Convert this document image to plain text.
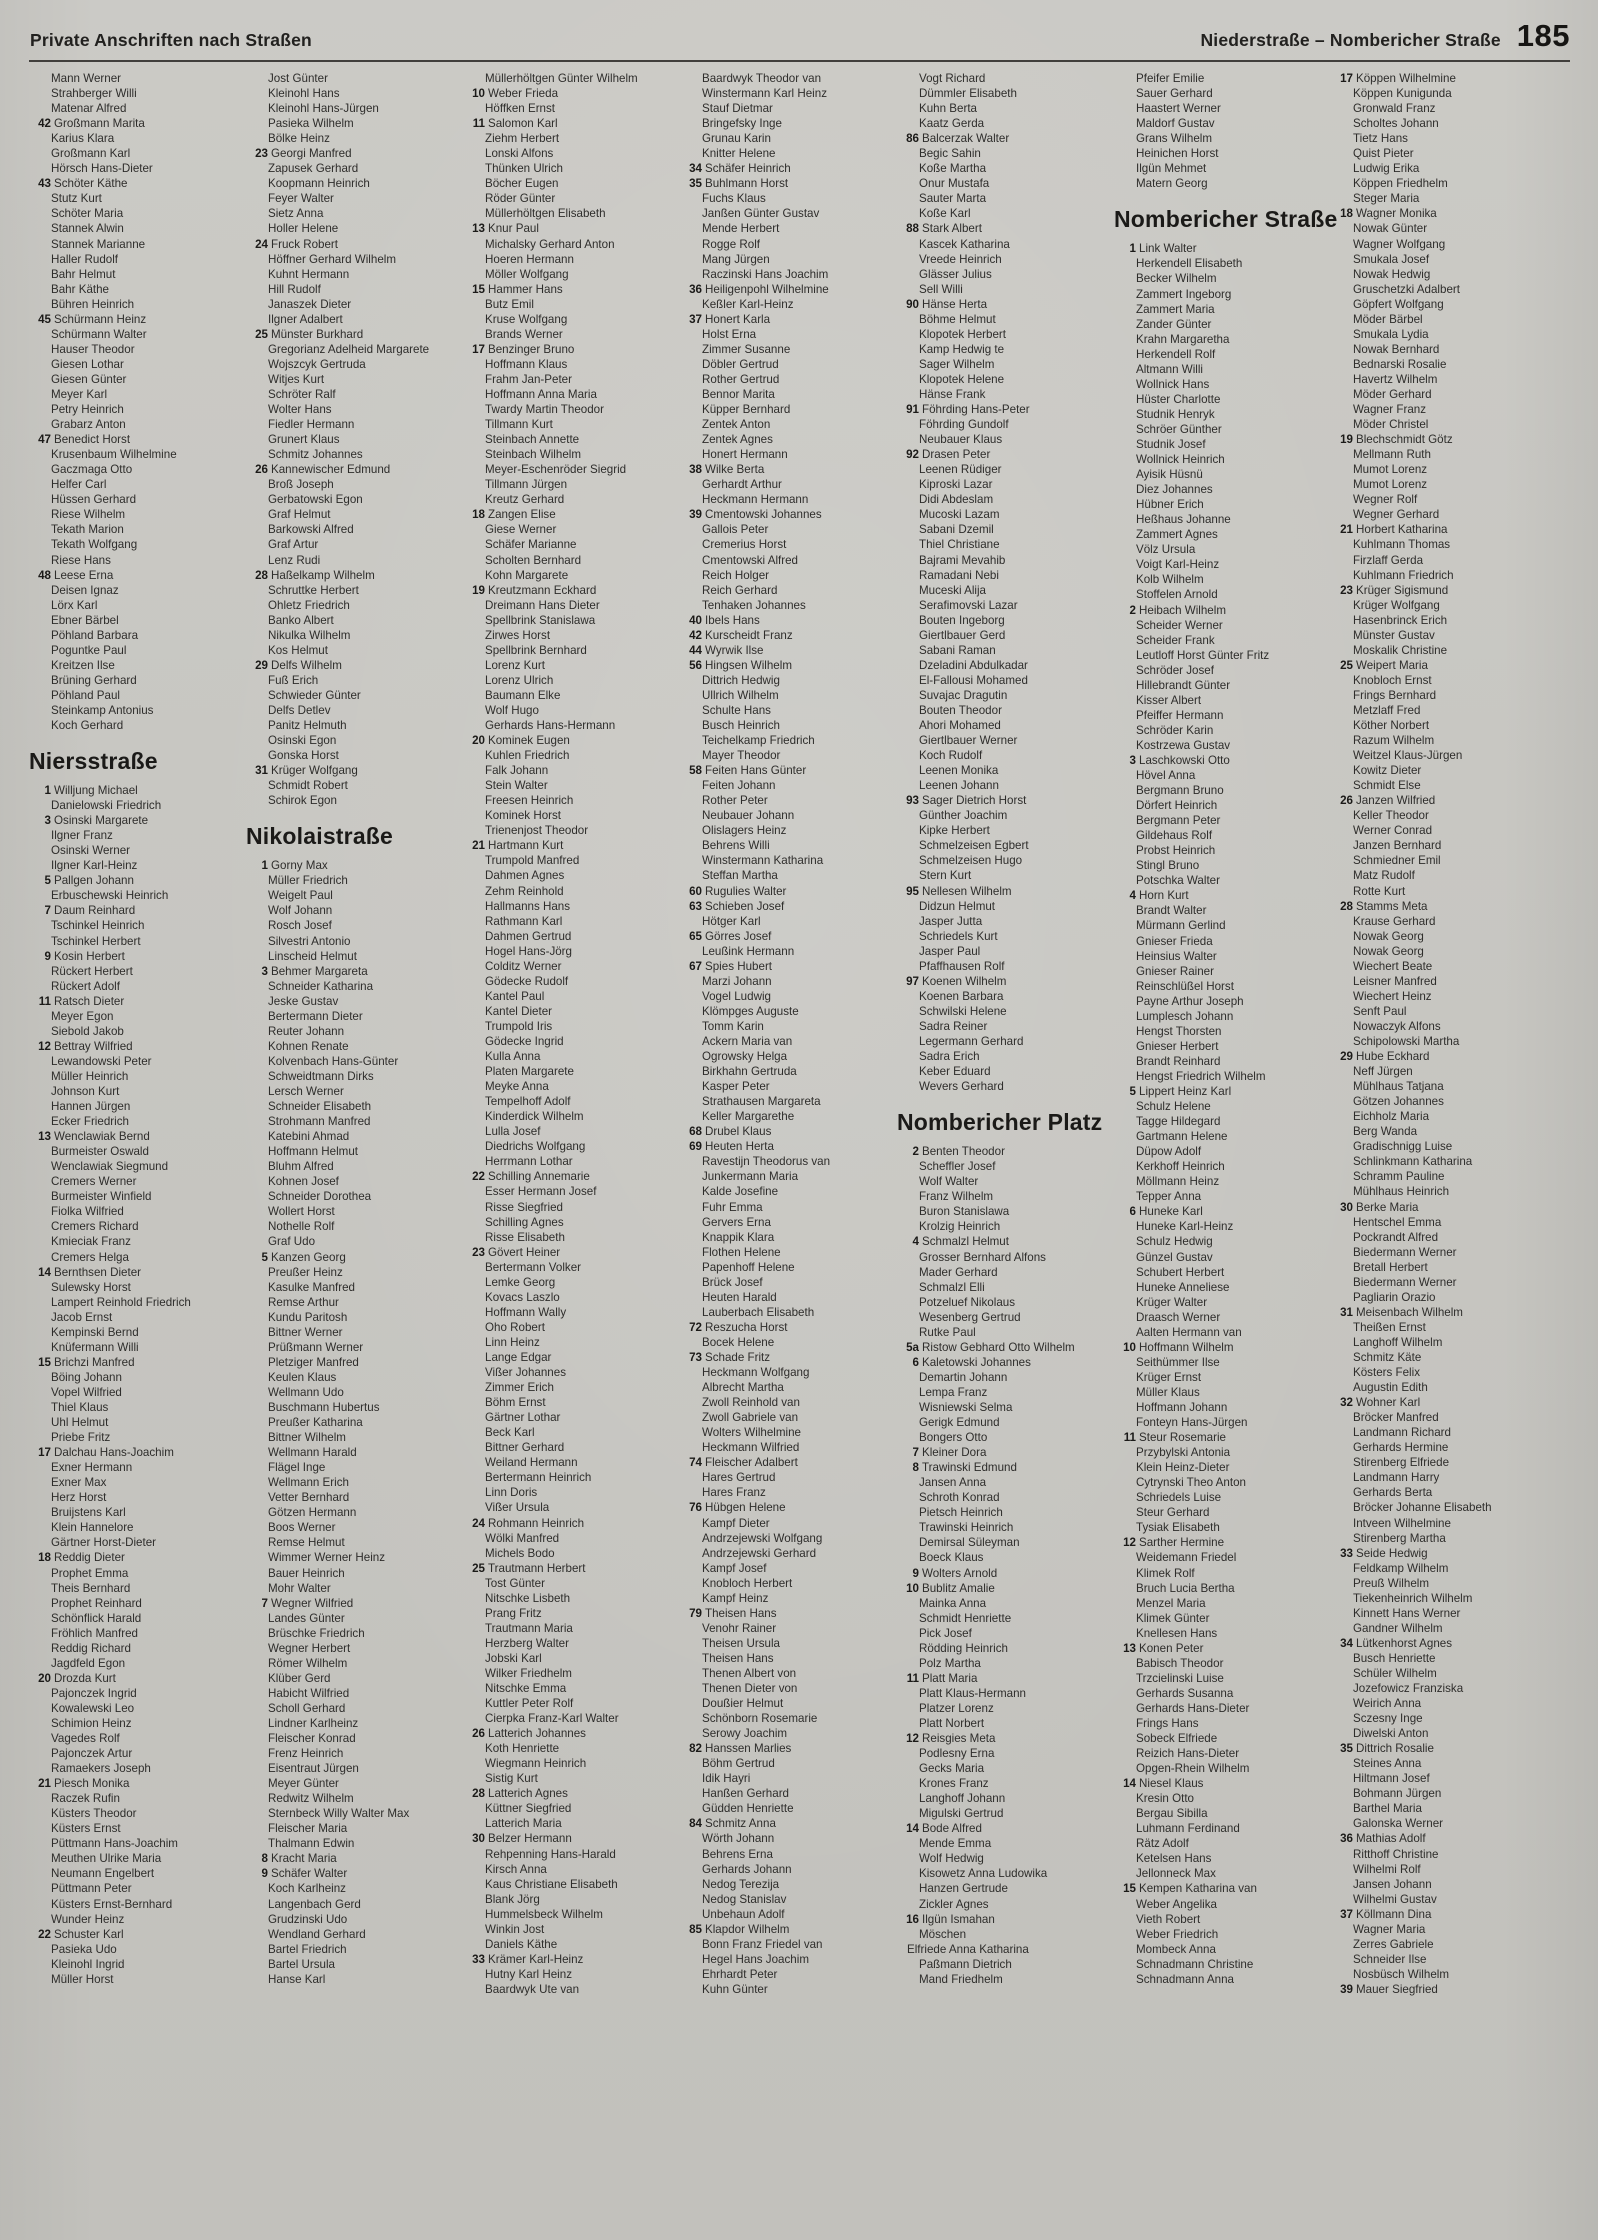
Private Anschriften nach Straßen	Niederstraße – Nombericher Straße 185
Mann Werner
Strahberger Willi
Matenar Alfred
42 Großmann Marita
Karius Klara
Großmann Karl
Hörsch Hans-Dieter
43 Schöter Käthe
Stutz Kurt
Schöter Maria
Stannek Alwin
Stannek Marianne
Haller Rudolf
Bahr Helmut
Bahr Käthe
Bühren Heinrich
45 Schürmann Heinz
Schürmann Walter
Hauser Theodor
Giesen Lothar
Giesen Günter
Meyer Karl
Petry Heinrich
Grabarz Anton
47 Benedict Horst
Krusenbaum Wilhelmine
Gaczmaga Otto
Helfer Carl
Hüssen Gerhard
Riese Wilhelm
Tekath Marion
Tekath Wolfgang
Riese Hans
48 Leese Erna
Deisen Ignaz
Lörx Karl
Ebner Bärbel
Pöhland Barbara
Poguntke Paul
Kreitzen Ilse
Brüning Gerhard
Pöhland Paul
Steinkamp Antonius
Koch Gerhard
Niersstraße
1 Willjung Michael
Danielowski Friedrich
3 Osinski Margarete
Ilgner Franz
Osinski Werner
Ilgner Karl-Heinz
5 Pallgen Johann
Erbuschewski Heinrich
7 Daum Reinhard
Tschinkel Heinrich
Tschinkel Herbert
9 Kosin Herbert
Rückert Herbert
Rückert Adolf
11 Ratsch Dieter
Meyer Egon
Siebold Jakob
12 Bettray Wilfried
Lewandowski Peter
Müller Heinrich
Johnson Kurt
Hannen Jürgen
Ecker Friedrich
13 Wenclawiak Bernd
Burmeister Oswald
Wenclawiak Siegmund
Cremers Werner
Burmeister Winfield
Fiolka Wilfried
Cremers Richard
Kmieciak Franz
Cremers Helga
14 Bernthsen Dieter
Sulewsky Horst
Lampert Reinhold Friedrich
Jacob Ernst
Kempinski Bernd
Knüfermann Willi
15 Brichzi Manfred
Böing Johann
Vopel Wilfried
Thiel Klaus
Uhl Helmut
Priebe Fritz
17 Dalchau Hans-Joachim
Exner Hermann
Exner Max
Herz Horst
Bruijstens Karl
Klein Hannelore
Gärtner Horst-Dieter
18 Reddig Dieter
Prophet Emma
Theis Bernhard
Prophet Reinhard
Schönflick Harald
Fröhlich Manfred
Reddig Richard
Jagdfeld Egon
20 Drozda Kurt
Pajonczek Ingrid
Kowalewski Leo
Schimion Heinz
Vagedes Rolf
Pajonczek Artur
Ramaekers Joseph
21 Piesch Monika
Raczek Rufin
Küsters Theodor
Küsters Ernst
Püttmann Hans-Joachim
Meuthen Ulrike Maria
Neumann Engelbert
Püttmann Peter
Küsters Ernst-Bernhard
Wunder Heinz
22 Schuster Karl
Pasieka Udo
Kleinohl Ingrid
Müller Horst
Jost Günter
Kleinohl Hans
Kleinohl Hans-Jürgen
Pasieka Wilhelm
Bölke Heinz
23 Georgi Manfred
Zapusek Gerhard
Koopmann Heinrich
Feyer Walter
Sietz Anna
Holler Helene
24 Fruck Robert
Höffner Gerhard Wilhelm
Kuhnt Hermann
Hill Rudolf
Janaszek Dieter
Ilgner Adalbert
25 Münster Burkhard
Gregorianz Adelheid Margarete
Wojszcyk Gertruda
Witjes Kurt
Schröter Ralf
Wolter Hans
Fiedler Hermann
Grunert Klaus
Schmitz Johannes
26 Kannewischer Edmund
Broß Joseph
Gerbatowski Egon
Graf Helmut
Barkowski Alfred
Graf Artur
Lenz Rudi
28 Haßelkamp Wilhelm
Schruttke Herbert
Ohletz Friedrich
Banko Albert
Nikulka Wilhelm
Kos Helmut
29 Delfs Wilhelm
Fuß Erich
Schwieder Günter
Delfs Detlev
Panitz Helmuth
Osinski Egon
Gonska Horst
31 Krüger Wolfgang
Schmidt Robert
Schirok Egon
Nikolaistraße
1 Gorny Max
Müller Friedrich
Weigelt Paul
Wolf Johann
Rosch Josef
Silvestri Antonio
Linscheid Helmut
3 Behmer Margareta
Schneider Katharina
Jeske Gustav
Bertermann Dieter
Reuter Johann
Kohnen Renate
Kolvenbach Hans-Günter
Schweidtmann Dirks
Lersch Werner
Schneider Elisabeth
Strohmann Manfred
Katebini Ahmad
Hoffmann Helmut
Bluhm Alfred
Kohnen Josef
Schneider Dorothea
Wollert Horst
Nothelle Rolf
Graf Udo
5 Kanzen Georg
Preußer Heinz
Kasulke Manfred
Remse Arthur
Kundu Paritosh
Bittner Werner
Prüßmann Werner
Pletziger Manfred
Keulen Klaus
Wellmann Udo
Buschmann Hubertus
Preußer Katharina
Bittner Wilhelm
Wellmann Harald
Flägel Inge
Wellmann Erich
Vetter Bernhard
Götzen Hermann
Boos Werner
Remse Helmut
Wimmer Werner Heinz
Bauer Heinrich
Mohr Walter
7 Wegner Wilfried
Landes Günter
Brüschke Friedrich
Wegner Herbert
Römer Wilhelm
Klüber Gerd
Habicht Wilfried
Scholl Gerhard
Lindner Karlheinz
Fleischer Konrad
Frenz Heinrich
Eisentraut Jürgen
Meyer Günter
Redwitz Wilhelm
Sternbeck Willy Walter Max
Fleischer Maria
Thalmann Edwin
8 Kracht Maria
9 Schäfer Walter
Koch Karlheinz
Langenbach Gerd
Grudzinski Udo
Wendland Gerhard
Bartel Friedrich
Bartel Ursula
Hanse Karl
Müllerhöltgen Günter Wilhelm
10 Weber Frieda
Höffken Ernst
11 Salomon Karl
Ziehm Herbert
Lonski Alfons
Thünken Ulrich
Böcher Eugen
Röder Günter
Müllerhöltgen Elisabeth
13 Knur Paul
Michalsky Gerhard Anton
Hoeren Hermann
Möller Wolfgang
15 Hammer Hans
Butz Emil
Kruse Wolfgang
Brands Werner
17 Benzinger Bruno
Hoffmann Klaus
Frahm Jan-Peter
Hoffmann Anna Maria
Twardy Martin Theodor
Tillmann Kurt
Steinbach Annette
Steinbach Wilhelm
Meyer-Eschenröder Siegrid
Tillmann Jürgen
Kreutz Gerhard
18 Zangen Elise
Giese Werner
Schäfer Marianne
Scholten Bernhard
Kohn Margarete
19 Kreutzmann Eckhard
Dreimann Hans Dieter
Spellbrink Stanislawa
Zirwes Horst
Spellbrink Bernhard
Lorenz Kurt
Lorenz Ulrich
Baumann Elke
Wolf Hugo
Gerhards Hans-Hermann
20 Kominek Eugen
Kuhlen Friedrich
Falk Johann
Stein Walter
Freesen Heinrich
Kominek Horst
Trienenjost Theodor
21 Hartmann Kurt
Trumpold Manfred
Dahmen Agnes
Zehm Reinhold
Hallmanns Hans
Rathmann Karl
Dahmen Gertrud
Hogel Hans-Jörg
Colditz Werner
Gödecke Rudolf
Kantel Paul
Kantel Dieter
Trumpold Iris
Gödecke Ingrid
Kulla Anna
Platen Margarete
Meyke Anna
Tempelhoff Adolf
Kinderdick Wilhelm
Lulla Josef
Diedrichs Wolfgang
Herrmann Lothar
22 Schilling Annemarie
Esser Hermann Josef
Risse Siegfried
Schilling Agnes
Risse Elisabeth
23 Gövert Heiner
Bertermann Volker
Lemke Georg
Kovacs Laszlo
Hoffmann Wally
Oho Robert
Linn Heinz
Lange Edgar
Vißer Johannes
Zimmer Erich
Böhm Ernst
Gärtner Lothar
Beck Karl
Bittner Gerhard
Weiland Hermann
Bertermann Heinrich
Linn Doris
Vißer Ursula
24 Rohmann Heinrich
Wölki Manfred
Michels Bodo
25 Trautmann Herbert
Tost Günter
Nitschke Lisbeth
Prang Fritz
Trautmann Maria
Herzberg Walter
Jobski Karl
Wilker Friedhelm
Nitschke Emma
Kuttler Peter Rolf
Cierpka Franz-Karl Walter
26 Latterich Johannes
Koth Henriette
Wiegmann Heinrich
Sistig Kurt
28 Latterich Agnes
Küttner Siegfried
Latterich Maria
30 Belzer Hermann
Rehpenning Hans-Harald
Kirsch Anna
Kaus Christiane Elisabeth
Blank Jörg
Hummelsbeck Wilhelm
Winkin Jost
Daniels Käthe
33 Krämer Karl-Heinz
Hutny Karl Heinz
Baardwyk Ute van
Baardwyk Theodor van
Winstermann Karl Heinz
Stauf Dietmar
Bringefsky Inge
Grunau Karin
Knitter Helene
34 Schäfer Heinrich
35 Buhlmann Horst
Fuchs Klaus
Janßen Günter Gustav
Mende Herbert
Rogge Rolf
Mang Jürgen
Raczinski Hans Joachim
36 Heiligenpohl Wilhelmine
Keßler Karl-Heinz
37 Honert Karla
Holst Erna
Zimmer Susanne
Döbler Gertrud
Rother Gertrud
Bennor Marita
Küpper Bernhard
Zentek Anton
Zentek Agnes
Honert Hermann
38 Wilke Berta
Gerhardt Arthur
Heckmann Hermann
39 Cmentowski Johannes
Gallois Peter
Cremerius Horst
Cmentowski Alfred
Reich Holger
Reich Gerhard
Tenhaken Johannes
40 Ibels Hans
42 Kurscheidt Franz
44 Wyrwik Ilse
56 Hingsen Wilhelm
Dittrich Hedwig
Ullrich Wilhelm
Schulte Hans
Busch Heinrich
Teichelkamp Friedrich
Mayer Theodor
58 Feiten Hans Günter
Feiten Johann
Rother Peter
Neubauer Johann
Olislagers Heinz
Behrens Willi
Winstermann Katharina
Steffan Martha
60 Rugulies Walter
63 Schieben Josef
Hötger Karl
65 Görres Josef
Leußink Hermann
67 Spies Hubert
Marzi Johann
Vogel Ludwig
Klömpges Auguste
Tomm Karin
Ackern Maria van
Ogrowsky Helga
Birkhahn Gertruda
Kasper Peter
Strathausen Margareta
Keller Margarethe
68 Drubel Klaus
69 Heuten Herta
Ravestijn Theodorus van
Junkermann Maria
Kalde Josefine
Fuhr Emma
Gervers Erna
Knappik Klara
Flothen Helene
Papenhoff Helene
Brück Josef
Heuten Harald
Lauberbach Elisabeth
72 Reszucha Horst
Bocek Helene
73 Schade Fritz
Heckmann Wolfgang
Albrecht Martha
Zwoll Reinhold van
Zwoll Gabriele van
Wolters Wilhelmine
Heckmann Wilfried
74 Fleischer Adalbert
Hares Gertrud
Hares Franz
76 Hübgen Helene
Kampf Dieter
Andrzejewski Wolfgang
Andrzejewski Gerhard
Kampf Josef
Knobloch Herbert
Kampf Heinz
79 Theisen Hans
Venohr Rainer
Theisen Ursula
Theisen Hans
Thenen Albert von
Thenen Dieter von
Doußier Helmut
Schönborn Rosemarie
Serowy Joachim
82 Hanssen Marlies
Böhm Gertrud
Idik Hayri
Hanßen Gerhard
Güdden Henriette
84 Schmitz Anna
Wörth Johann
Behrens Erna
Gerhards Johann
Nedog Terezija
Nedog Stanislav
Unbehaun Adolf
85 Klapdor Wilhelm
Bonn Franz Friedel van
Hegel Hans Joachim
Ehrhardt Peter
Kuhn Günter
Vogt Richard
Dümmler Elisabeth
Kuhn Berta
Kaatz Gerda
86 Balcerzak Walter
Begic Sahin
Koße Martha
Onur Mustafa
Sauter Marta
Koße Karl
88 Stark Albert
Kascek Katharina
Vreede Heinrich
Glässer Julius
Sell Willi
90 Hänse Herta
Böhme Helmut
Klopotek Herbert
Kamp Hedwig te
Sager Wilhelm
Klopotek Helene
Hänse Frank
91 Föhrding Hans-Peter
Föhrding Gundolf
Neubauer Klaus
92 Drasen Peter
Leenen Rüdiger
Kiproski Lazar
Didi Abdeslam
Mucoski Lazam
Sabani Dzemil
Thiel Christiane
Bajrami Mevahib
Ramadani Nebi
Muceski Alija
Serafimovski Lazar
Bouten Ingeborg
Giertlbauer Gerd
Sabani Raman
Dzeladini Abdulkadar
El-Fallousi Mohamed
Suvajac Dragutin
Bouten Theodor
Ahori Mohamed
Giertlbauer Werner
Koch Rudolf
Leenen Monika
Leenen Johann
93 Sager Dietrich Horst
Günther Joachim
Kipke Herbert
Schmelzeisen Egbert
Schmelzeisen Hugo
Stern Kurt
95 Nellesen Wilhelm
Didzun Helmut
Jasper Jutta
Schriedels Kurt
Jasper Paul
Pfaffhausen Rolf
97 Koenen Wilhelm
Koenen Barbara
Schwilski Helene
Sadra Reiner
Legermann Gerhard
Sadra Erich
Keber Eduard
Wevers Gerhard
Nombericher Platz
2 Benten Theodor
Scheffler Josef
Wolf Walter
Franz Wilhelm
Buron Stanislawa
Krolzig Heinrich
4 Schmalzl Helmut
Grosser Bernhard Alfons
Mader Gerhard
Schmalzl Elli
Potzeluef Nikolaus
Wesenberg Gertrud
Rutke Paul
5a Ristow Gebhard Otto Wilhelm
6 Kaletowski Johannes
Demartin Johann
Lempa Franz
Wisniewski Selma
Gerigk Edmund
Bongers Otto
7 Kleiner Dora
8 Trawinski Edmund
Jansen Anna
Schroth Konrad
Pietsch Heinrich
Trawinski Heinrich
Demirsal Süleyman
Boeck Klaus
9 Wolters Arnold
10 Bublitz Amalie
Mainka Anna
Schmidt Henriette
Pick Josef
Rödding Heinrich
Polz Martha
11 Platt Maria
Platt Klaus-Hermann
Platzer Lorenz
Platt Norbert
12 Reisgies Meta
Podlesny Erna
Gecks Maria
Krones Franz
Langhoff Johann
Migulski Gertrud
14 Bode Alfred
Mende Emma
Wolf Hedwig
Kisowetz Anna Ludowika
Hanzen Gertrude
Zickler Agnes
16 Ilgün Ismahan
Möschen
Elfriede Anna Katharina
Paßmann Dietrich
Mand Friedhelm
Pfeifer Emilie
Sauer Gerhard
Haastert Werner
Maldorf Gustav
Grans Wilhelm
Heinichen Horst
Ilgün Mehmet
Matern Georg
Nombericher Straße
1 Link Walter
Herkendell Elisabeth
Becker Wilhelm
Zammert Ingeborg
Zammert Maria
Zander Günter
Krahn Margaretha
Herkendell Rolf
Altmann Willi
Wollnick Hans
Hüster Charlotte
Studnik Henryk
Schröer Günther
Studnik Josef
Wollnick Heinrich
Ayisik Hüsnü
Diez Johannes
Hübner Erich
Heßhaus Johanne
Zammert Agnes
Völz Ursula
Voigt Karl-Heinz
Kolb Wilhelm
Stoffelen Arnold
2 Heibach Wilhelm
Scheider Werner
Scheider Frank
Leutloff Horst Günter Fritz
Schröder Josef
Hillebrandt Günter
Kisser Albert
Pfeiffer Hermann
Schröder Karin
Kostrzewa Gustav
3 Laschkowski Otto
Hövel Anna
Bergmann Bruno
Dörfert Heinrich
Bergmann Peter
Gildehaus Rolf
Probst Heinrich
Stingl Bruno
Potschka Walter
4 Horn Kurt
Brandt Walter
Mürmann Gerlind
Gnieser Frieda
Heinsius Walter
Gnieser Rainer
Reinschlüßel Horst
Payne Arthur Joseph
Lumplesch Johann
Hengst Thorsten
Gnieser Herbert
Brandt Reinhard
Hengst Friedrich Wilhelm
5 Lippert Heinz Karl
Schulz Helene
Tagge Hildegard
Gartmann Helene
Düpow Adolf
Kerkhoff Heinrich
Möllmann Heinz
Tepper Anna
6 Huneke Karl
Huneke Karl-Heinz
Schulz Hedwig
Günzel Gustav
Schubert Herbert
Huneke Anneliese
Krüger Walter
Draasch Werner
Aalten Hermann van
10 Hoffmann Wilhelm
Seithümmer Ilse
Krüger Ernst
Müller Klaus
Hoffmann Johann
Fonteyn Hans-Jürgen
11 Steur Rosemarie
Przybylski Antonia
Klein Heinz-Dieter
Cytrynski Theo Anton
Schriedels Luise
Steur Gerhard
Tysiak Elisabeth
12 Sarther Hermine
Weidemann Friedel
Klimek Rolf
Bruch Lucia Bertha
Menzel Maria
Klimek Günter
Knellesen Hans
13 Konen Peter
Babisch Theodor
Trzcielinski Luise
Gerhards Susanna
Gerhards Hans-Dieter
Frings Hans
Sobeck Elfriede
Reizich Hans-Dieter
Opgen-Rhein Wilhelm
14 Niesel Klaus
Kresin Otto
Bergau Sibilla
Luhmann Ferdinand
Rätz Adolf
Ketelsen Hans
Jellonneck Max
15 Kempen Katharina van
Weber Angelika
Vieth Robert
Weber Friedrich
Mombeck Anna
Schnadmann Christine
Schnadmann Anna
17 Köppen Wilhelmine
Köppen Kunigunda
Gronwald Franz
Scholtes Johann
Tietz Hans
Quist Pieter
Ludwig Erika
Köppen Friedhelm
Steger Maria
18 Wagner Monika
Nowak Günter
Wagner Wolfgang
Smukala Josef
Nowak Hedwig
Gruschetzki Adalbert
Göpfert Wolfgang
Möder Bärbel
Smukala Lydia
Nowak Bernhard
Bednarski Rosalie
Havertz Wilhelm
Möder Gerhard
Wagner Franz
Möder Christel
19 Blechschmidt Götz
Mellmann Ruth
Mumot Lorenz
Mumot Lorenz
Wegner Rolf
Wegner Gerhard
21 Horbert Katharina
Kuhlmann Thomas
Firzlaff Gerda
Kuhlmann Friedrich
23 Krüger Sigismund
Krüger Wolfgang
Hasenbrinck Erich
Münster Gustav
Moskalik Christine
25 Weipert Maria
Knobloch Ernst
Frings Bernhard
Metzlaff Fred
Köther Norbert
Razum Wilhelm
Weitzel Klaus-Jürgen
Kowitz Dieter
Schmidt Else
26 Janzen Wilfried
Keller Theodor
Werner Conrad
Janzen Bernhard
Schmiedner Emil
Matz Rudolf
Rotte Kurt
28 Stamms Meta
Krause Gerhard
Nowak Georg
Nowak Georg
Wiechert Beate
Leisner Manfred
Wiechert Heinz
Senft Paul
Nowaczyk Alfons
Schipolowski Martha
29 Hube Eckhard
Neff Jürgen
Mühlhaus Tatjana
Götzen Johannes
Eichholz Maria
Berg Wanda
Gradischnigg Luise
Schlinkmann Katharina
Schramm Pauline
Mühlhaus Heinrich
30 Berke Maria
Hentschel Emma
Pockrandt Alfred
Biedermann Werner
Bretall Herbert
Biedermann Werner
Pagliarin Orazio
31 Meisenbach Wilhelm
Theißen Ernst
Langhoff Wilhelm
Schmitz Käte
Kösters Felix
Augustin Edith
32 Wohner Karl
Bröcker Manfred
Landmann Richard
Gerhards Hermine
Stirenberg Elfriede
Landmann Harry
Gerhards Berta
Bröcker Johanne Elisabeth
Intveen Wilhelmine
Stirenberg Martha
33 Seide Hedwig
Feldkamp Wilhelm
Preuß Wilhelm
Tiekenheinrich Wilhelm
Kinnett Hans Werner
Gandner Wilhelm
34 Lütkenhorst Agnes
Busch Henriette
Schüler Wilhelm
Jozefowicz Franziska
Weirich Anna
Sczesny Inge
Diwelski Anton
35 Dittrich Rosalie
Steines Anna
Hiltmann Josef
Bohmann Jürgen
Barthel Maria
Galonska Werner
36 Mathias Adolf
Ritthoff Christine
Wilhelmi Rolf
Jansen Johann
Wilhelmi Gustav
37 Köllmann Dina
Wagner Maria
Zerres Gabriele
Schneider Ilse
Nosbüsch Wilhelm
39 Mauer Siegfried
